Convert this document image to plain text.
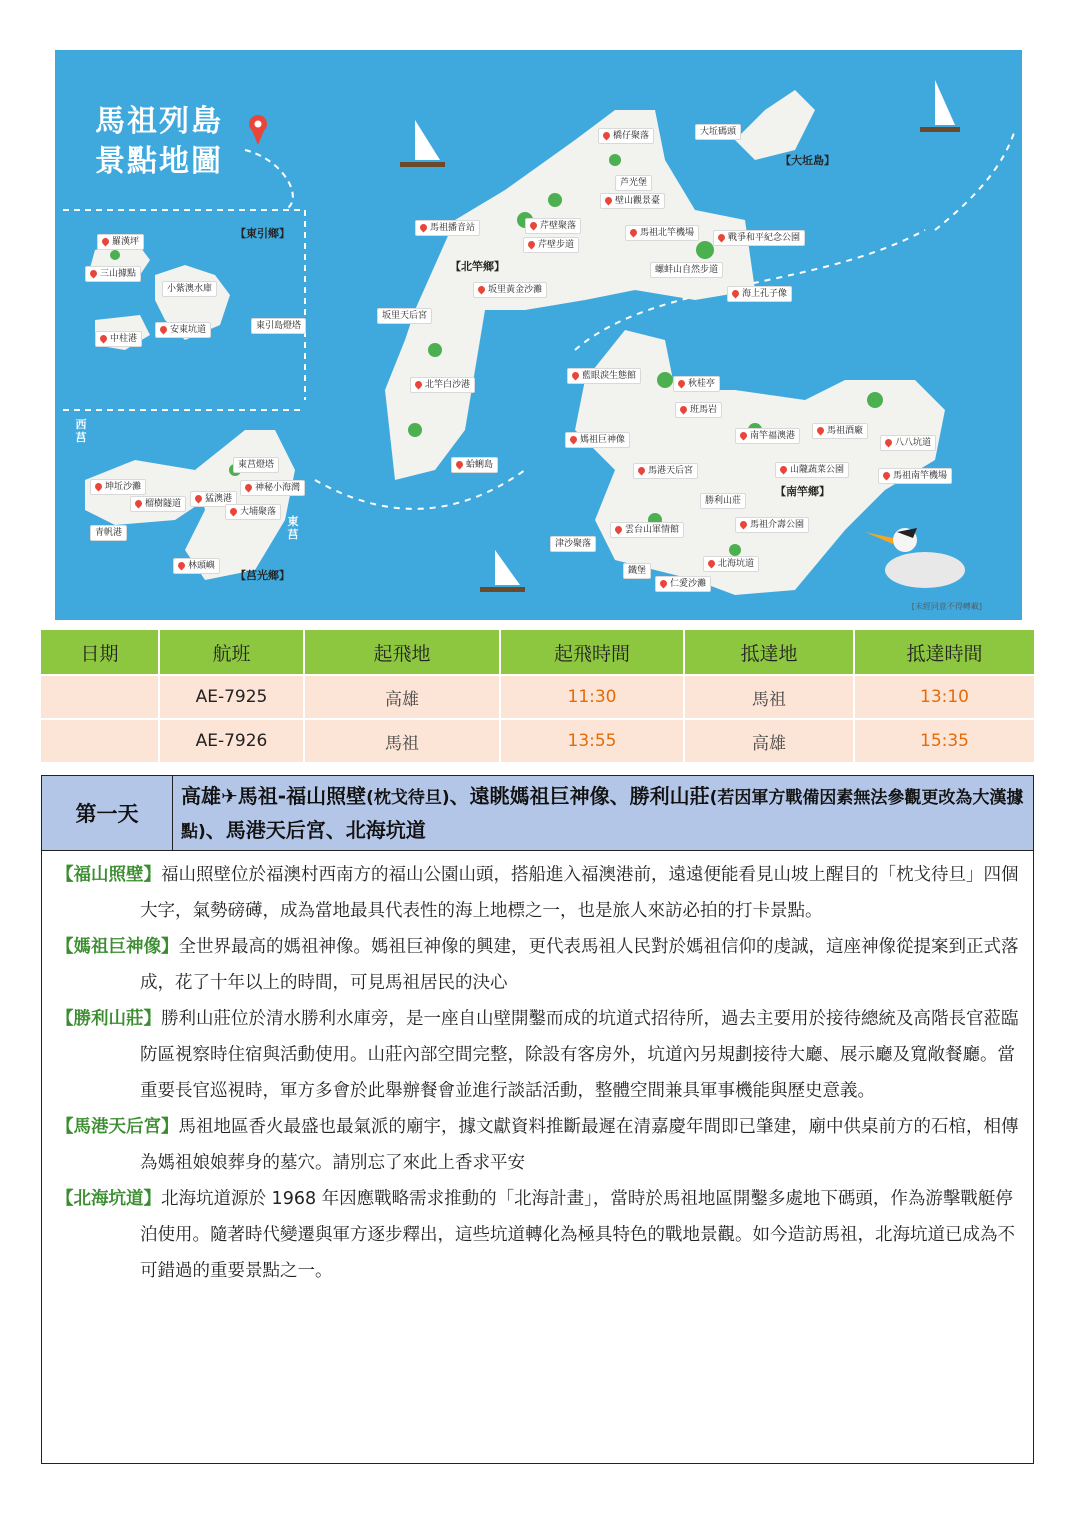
馬祖列島
景點地圖
【東引鄉】
【北竿鄉】
【南竿鄉】
【莒光鄉】
【大坵島】
西莒
東莒
羅漢坪
三山據點
小紫澳水庫
中柱港
安東坑道	東引島燈塔
橋仔聚落
芦光堡
大坵碼頭
壁山觀景臺
馬祖播音站	芹壁聚落
芹壁步道
馬祖北竿機場	戰爭和平紀念公園
螺蚌山自然步道
坂里黃金沙灘
坂里天后宮
海上孔子像
北竿白沙港
蛤蜊島
藍眼淚生態館
秋桂亭
班馬岩
媽祖巨神像	南竿福澳港	馬祖酒廠
八八坑道
山隴蔬菜公園
馬祖南竿機場
馬港天后宮
勝利山莊
雲台山軍情館	馬祖介壽公園
津沙聚落
北海坑道
鐵堡
仁愛沙灘
坤坵沙灘
榴樹隧道
青帆港
東莒燈塔
神秘小海灣
猛澳港
大埔聚落
林頭嶼
[未經同意不得轉載]
日期	航班	起飛地	起飛時間	抵達地	抵達時間
	AE-7925	高雄	11:30	馬祖	13:10
	AE-7926	馬祖	13:55	高雄	15:35
第一天
高雄✈馬祖-福山照壁(枕戈待旦)、遠眺媽祖巨神像、勝利山莊(若因軍方戰備因素無法參觀更改為大漢據點)、馬港天后宮、北海坑道
【福山照壁】福山照壁位於福澳村西南方的福山公園山頭，搭船進入福澳港前，遠遠便能看見山坡上醒目的「枕戈待旦」四個大字，氣勢磅礡，成為當地最具代表性的海上地標之一，也是旅人來訪必拍的打卡景點。
【媽祖巨神像】全世界最高的媽祖神像。媽祖巨神像的興建，更代表馬祖人民對於媽祖信仰的虔誠，這座神像從提案到正式落成，花了十年以上的時間，可見馬祖居民的決心
【勝利山莊】勝利山莊位於清水勝利水庫旁，是一座自山壁開鑿而成的坑道式招待所，過去主要用於接待總統及高階長官蒞臨防區視察時住宿與活動使用。山莊內部空間完整，除設有客房外，坑道內另規劃接待大廳、展示廳及寬敞餐廳。當重要長官巡視時，軍方多會於此舉辦餐會並進行談話活動，整體空間兼具軍事機能與歷史意義。
【馬港天后宮】馬祖地區香火最盛也最氣派的廟宇，據文獻資料推斷最遲在清嘉慶年間即已肇建，廟中供桌前方的石棺，相傳為媽祖娘娘葬身的墓穴。請別忘了來此上香求平安
【北海坑道】北海坑道源於 1968 年因應戰略需求推動的「北海計畫」，當時於馬祖地區開鑿多處地下碼頭，作為游擊戰艇停泊使用。隨著時代變遷與軍方逐步釋出，這些坑道轉化為極具特色的戰地景觀。如今造訪馬祖，北海坑道已成為不可錯過的重要景點之一。
